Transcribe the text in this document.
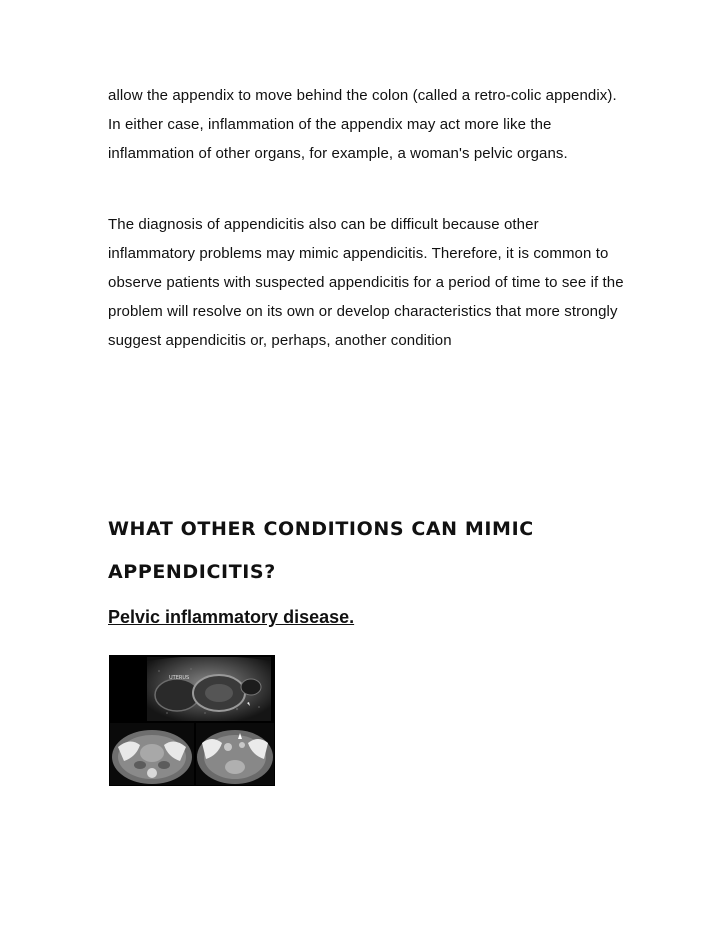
allow the appendix to move behind the colon (called a retro-colic appendix). In either case, inflammation of the appendix may act more like the inflammation of other organs, for example, a woman's pelvic organs.

The diagnosis of appendicitis also can be difficult because other inflammatory problems may mimic appendicitis. Therefore, it is common to observe patients with suspected appendicitis for a period of time to see if the problem will resolve on its own or develop characteristics that more strongly suggest appendicitis or, perhaps, another condition

WHAT OTHER CONDITIONS CAN MIMIC APPENDICITIS?
Pelvic inflammatory disease.
UTERUS
